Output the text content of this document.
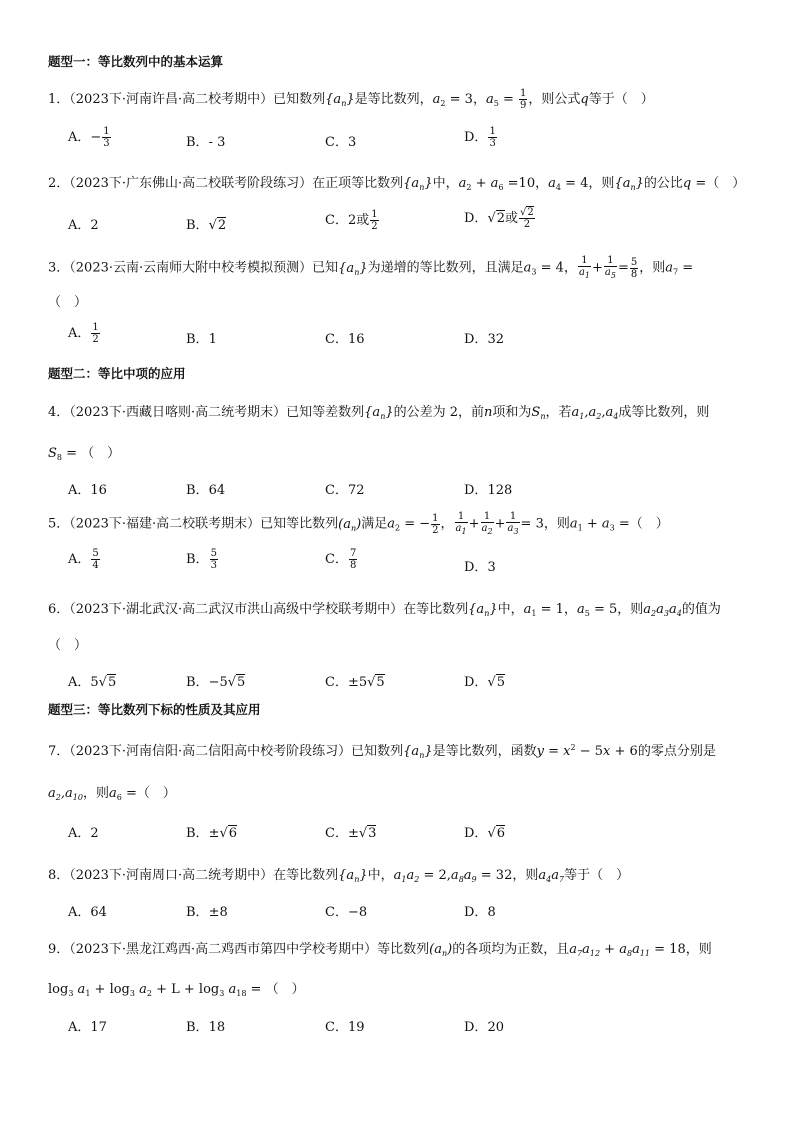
题型一：等比数列中的基本运算
1．（2023下·河南许昌·高二校考期中）已知数列$\{a_n\}$是等比数列，$a_2 = 3$，$a_5 = \frac{1}{9}$ ，则公式q等于（　）
A．− $\frac{1}{3}$	B．- 3	C．3	D． $\frac{1}{3}$
2．（2023下·广东佛山·高二校联考阶段练习）在正项等比数列$\{a_n\}$中，$a_2 + a_6 =10$，$a_4 = 4$，则$\{a_n\}$的公比q =（　）
A．2	B．√2	C．2或 $\frac{1}{2}$	D．√2或 $\frac{√2}{2}$
3．（2023·云南·云南师大附中校考模拟预测）已知$\{a_n\}$为递增的等比数列，且满足$a_3 = 4$， $\frac{1}{a_1} + \frac{1}{a_5} = \frac{5}{8}$ ，则$a_7$ =
（　）
A． $\frac{1}{2}$	B．1	C．16	D．32
题型二：等比中项的应用
4．（2023下·西藏日喀则·高二统考期末）已知等差数列$\{a_n\}$的公差为 2，前n项和为$S_n$，若$a_1,a_2,a_4$成等比数列，则
$S_8$ = （　）
A．16	B．64	C．72	D．128
5．（2023下·福建·高二校联考期末）已知等比数列$(a_n)$满足$a_2$ = − $\frac{1}{2}$ ， $\frac{1}{a_1} + \frac{1}{a_2} + \frac{1}{a_3} = 3$，则$a_1 + a_3$ =（　）
A． $\frac{5}{4}$	B． $\frac{5}{3}$	C． $\frac{7}{8}$	D．3
6．（2023下·湖北武汉·高二武汉市洪山高级中学校联考期中）在等比数列$\{a_n\}$中，$a_1 = 1$，$a_5 = 5$，则$a_2a_3a_4$的值为
（　）
A．5√5	B．−5√5	C．±5√5	D．√5
题型三：等比数列下标的性质及其应用
7．（2023下·河南信阳·高二信阳高中校考阶段练习）已知数列$\{a_n\}$是等比数列，函数$y = x^2 - 5x + 6$的零点分别是
$a_2,a_{10}$，则$a_6$ =（　）
A．2	B．±√6	C．±√3	D．√6
8．（2023下·河南周口·高二统考期中）在等比数列$\{a_n\}$中，$a_1a_2 = 2,a_8a_9 = 32$，则$a_4a_7$等于（　）
A．64	B．±8	C．−8	D．8
9．（2023下·黑龙江鸡西·高二鸡西市第四中学校考期中）等比数列$(a_n)$的各项均为正数，且$a_7a_{12} + a_8a_{11} = 18$，则
$\log_3 a_1 + \log_3 a_2 + L + \log_3 a_{18}$ = （　）
A．17	B．18	C．19	D．20
